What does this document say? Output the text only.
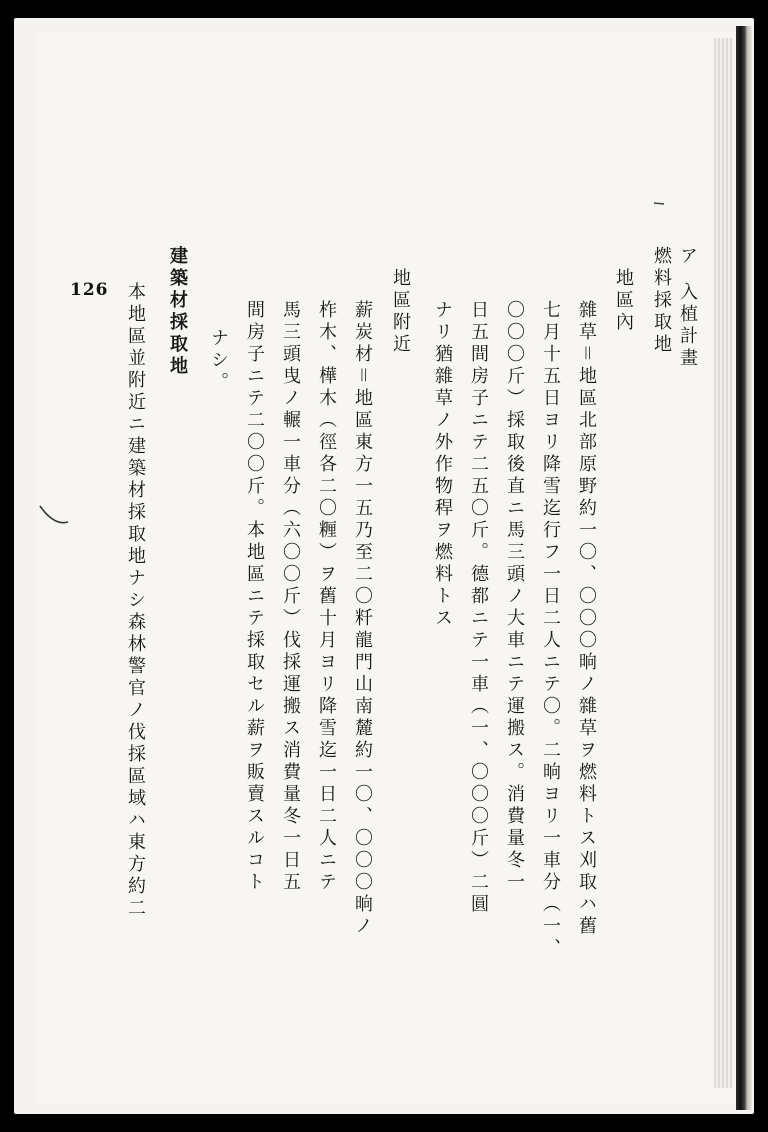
126
ア
入植計畫
燃料採取地
地區內
雜草＝地區北部原野約一〇、〇〇〇晌ノ雜草ヲ燃料トス刈取ハ舊
七月十五日ヨリ降雪迄行フ一日二人ニテ〇。二晌ヨリ一車分（一、
〇〇〇斤）採取後直ニ馬三頭ノ大車ニテ運搬ス。消費量冬一
日五間房子ニテ二五〇斤。德都ニテ一車（一、〇〇〇斤）二圓
ナリ猶雜草ノ外作物稈ヲ燃料トス
地區附近
薪炭材＝地區東方一五乃至二〇粁龍門山南麓約一〇、〇〇〇晌ノ
柞木、樺木（徑各二〇糎）ヲ舊十月ヨリ降雪迄一日二人ニテ
馬三頭曳ノ輾一車分（六〇〇斤）伐採運搬ス消費量冬一日五
間房子ニテ二〇〇斤。本地區ニテ採取セル薪ヲ販賣スルコト
ナシ。
建築材採取地
本地區並附近ニ建築材採取地ナシ森林警官ノ伐採區域ハ東方約二
